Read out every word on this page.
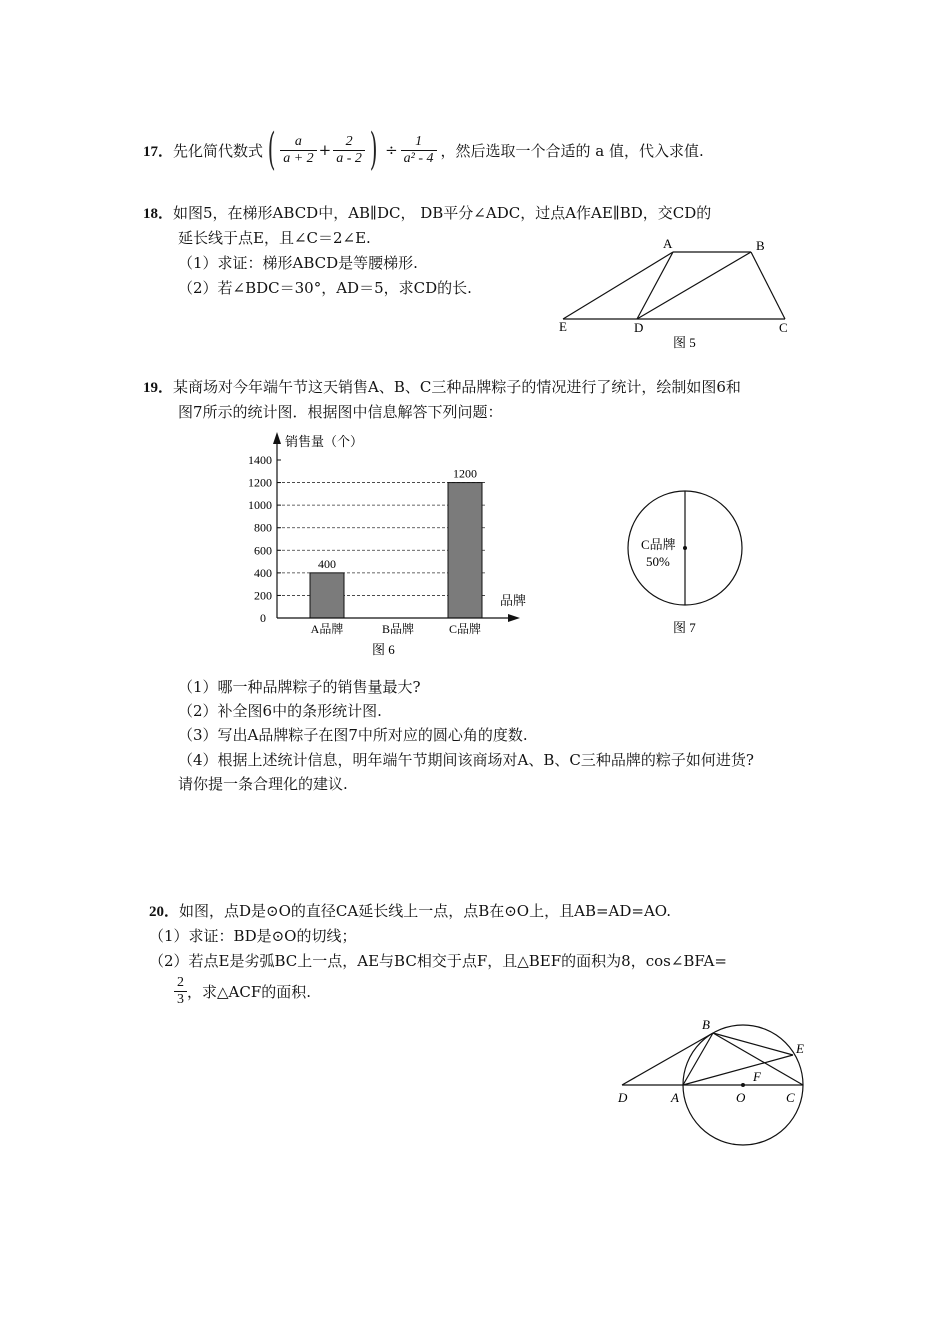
17． 先化简代数式 ( $\frac{a}{a + 2} + \frac{2}{a - 2}$ ) ÷ $\frac{1}{\text{a² - 4}}$ ，然后选取一个合适的 a 值，代入求值.
18．如图5，在梯形ABCD中，AB∥DC， DB平分∠ADC，过点A作AE∥BD，交CD的
延长线于点E，且∠C＝2∠E.
（1）求证：梯形ABCD是等腰梯形.
（2）若∠BDC＝30°，AD＝5，求CD的长.
A	B
E	D	C
图 5
19．某商场对今年端午节这天销售A、B、C三种品牌粽子的情况进行了统计，绘制如图6和
图7所示的统计图．根据图中信息解答下列问题：
400
1200
0
200
400
600
800
1000
1200
1400
A品牌	B品牌	C品牌
销售量（个）
品牌
图 6
C品牌
50%
图 7
（1）哪一种品牌粽子的销售量最大?
（2）补全图6中的条形统计图.
（3）写出A品牌粽子在图7中所对应的圆心角的度数.
（4）根据上述统计信息，明年端午节期间该商场对A、B、C三种品牌的粽子如何进货?
请你提一条合理化的建议.
20．如图，点D是⊙O的直径CA延长线上一点，点B在⊙O上，且AB=AD=AO.
（1）求证：BD是⊙O的切线；
（2）若点E是劣弧BC上一点，AE与BC相交于点F，且△BEF的面积为8，cos∠BFA=
$\frac{2}{3}$ ，求△ACF的面积.
B
E
F
D	A	O	C
